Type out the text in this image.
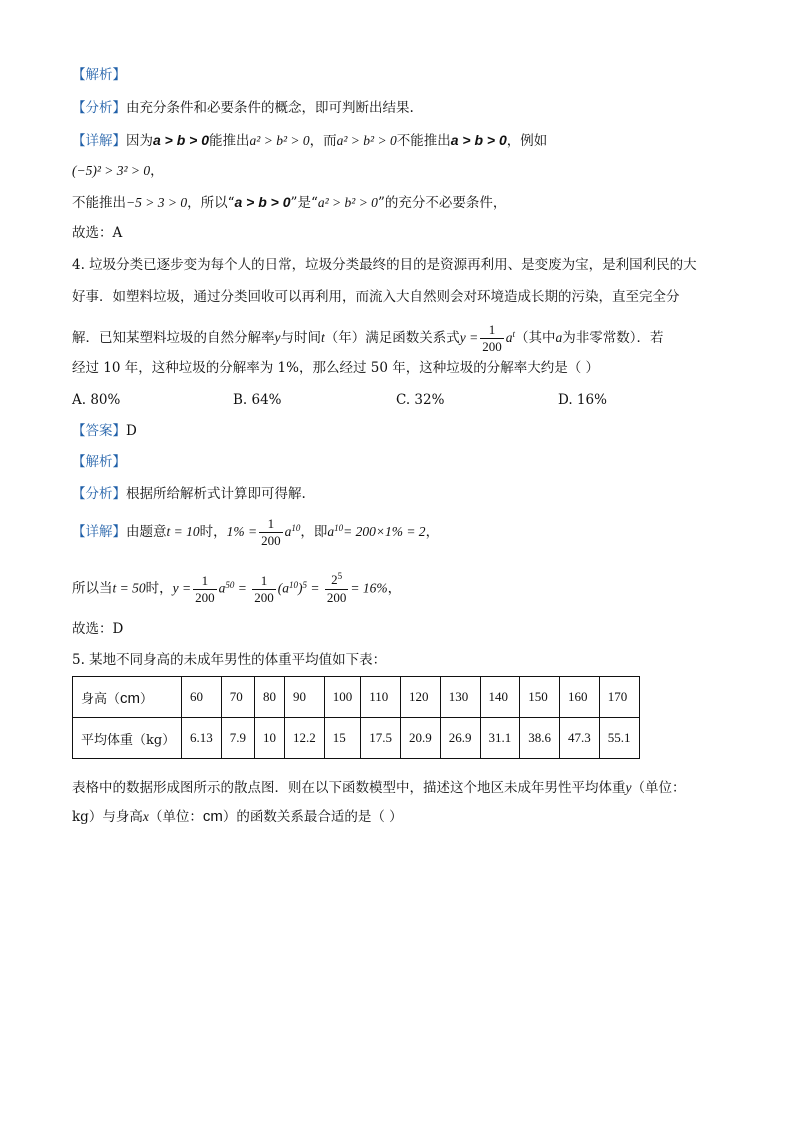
【解析】
【分析】由充分条件和必要条件的概念，即可判断出结果.
【详解】因为a > b > 0能推出a² > b² > 0，而a² > b² > 0不能推出a > b > 0，例如
(−5)² > 3² > 0，
不能推出−5 > 3 > 0，所以“a > b > 0”是“a² > b² > 0”的充分不必要条件，
故选：A
4. 垃圾分类已逐步变为每个人的日常，垃圾分类最终的目的是资源再利用、是变废为宝，是利国利民的大
好事．如塑料垃圾，通过分类回收可以再利用，而流入大自然则会对环境造成长期的污染，直至完全分
解．已知某塑料垃圾的自然分解率y与时间t（年）满足函数关系式$y = \frac{1}{200} a^t$（其中a为非零常数）．若
经过 10 年，这种垃圾的分解率为 1%，那么经过 50 年，这种垃圾的分解率大约是（ ）
A. 80%	B. 64%	C. 32%	D. 16%
【答案】D
【解析】
【分析】根据所给解析式计算即可得解.
【详解】由题意t = 10时，$1\% = \frac{1}{200} a^{10}$，即$a^{10}= 200\times 1\% = 2$，
所以当t = 50时，$y = \frac{1}{200} a^{50} = \frac{1}{200} (a^{10})^5 = \frac{2^5}{200} = 16\%$，
故选：D
5. 某地不同身高的未成年男性的体重平均值如下表：
身高（cm）	60	70	80	90	100	110	120	130	140	150	160	170
平均体重（kg）	6.13	7.9	10	12.2	15	17.5	20.9	26.9	31.1	38.6	47.3	55.1
表格中的数据形成图所示的散点图．则在以下函数模型中，描述这个地区未成年男性平均体重y（单位：
kg）与身高x（单位：cm）的函数关系最合适的是（ ）
